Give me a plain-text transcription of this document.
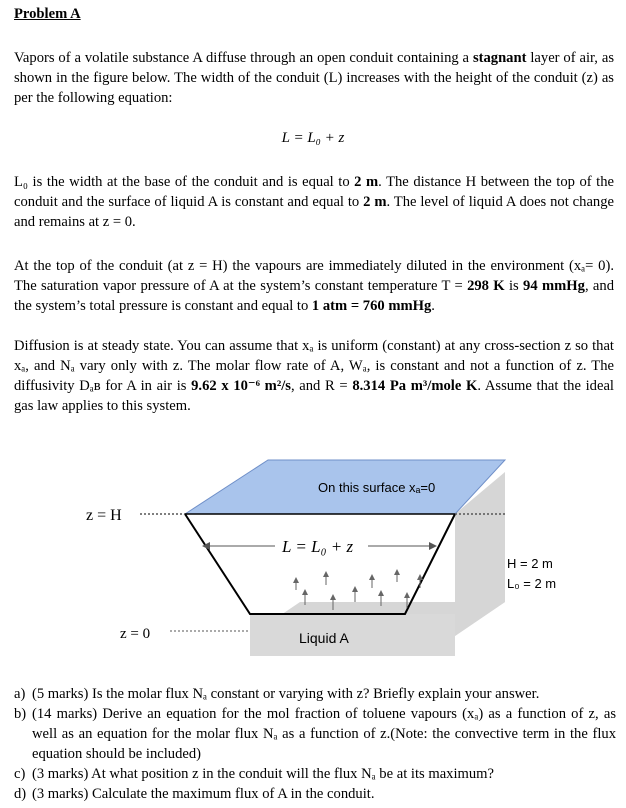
Problem A
Vapors of a volatile substance A diffuse through an open conduit containing a stagnant layer of air, as shown in the figure below. The width of the conduit (L) increases with the height of the conduit (z) as per the following equation:
L = L₀ + z
L₀ is the width at the base of the conduit and is equal to 2 m. The distance H between the top of the conduit and the surface of liquid A is constant and equal to 2 m. The level of liquid A does not change and remains at z = 0.
At the top of the conduit (at z = H) the vapours are immediately diluted in the environment (xₐ= 0). The saturation vapor pressure of A at the system’s constant temperature T = 298 K is 94 mmHg, and the system’s total pressure is constant and equal to 1 atm = 760 mmHg.
Diffusion is at steady state. You can assume that xₐ is uniform (constant) at any cross-section z so that xₐ, and Nₐ vary only with z. The molar flow rate of A, Wₐ, is constant and not a function of z. The diffusivity Dₐʙ for A in air is 9.62 x 10⁻⁶ m²/s, and R = 8.314 Pa m³/mole K. Assume that the ideal gas law applies to this system.
On this surface xₐ=0
z = H
z = 0
L = L₀ + z
H = 2 m
L₀ = 2 m
Liquid A
a) (5 marks) Is the molar flux Nₐ constant or varying with z? Briefly explain your answer.
b) (14 marks) Derive an equation for the mol fraction of toluene vapours (xₐ) as a function of z, as well as an equation for the molar flux Nₐ as a function of z.(Note: the convective term in the flux equation should be included)
c) (3 marks) At what position z in the conduit will the flux Nₐ be at its maximum?
d) (3 marks) Calculate the maximum flux of A in the conduit.
